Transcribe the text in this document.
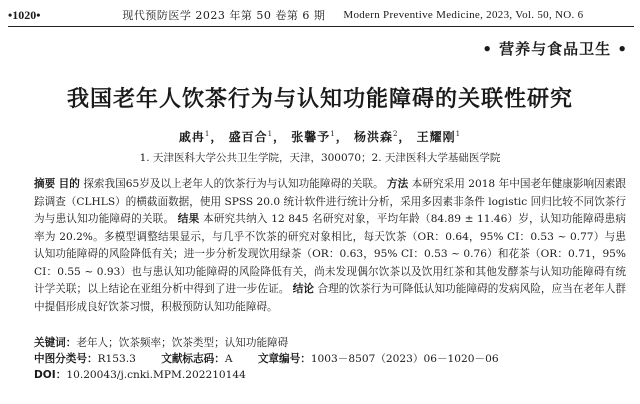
•1020•	现代预防医学 2023 年第 50 卷第 6 期 Modern Preventive Medicine, 2023, Vol. 50, NO. 6
• 营养与食品卫生 •
我国老年人饮茶行为与认知功能障碍的关联性研究
戚冉$^1$， 盛百合$^1$， 张馨予$^1$， 杨洪森$^2$， 王耀刚$^1$
1. 天津医科大学公共卫生学院，天津，300070；2. 天津医科大学基础医学院
摘要 目的 探索我国65岁及以上老年人的饮茶行为与认知功能障碍的关联。 方法 本研究采用 2018 年中国老年健康影响因素跟踪调查（CLHLS）的横截面数据，使用 SPSS 20.0 统计软件进行统计分析，采用多因素非条件 logistic 回归比较不同饮茶行为与患认知功能障碍的关联。 结果 本研究共纳入 12 845 名研究对象，平均年龄（84.89 ± 11.46）岁，认知功能障碍患病率为 20.2%。多模型调整结果显示，与几乎不饮茶的研究对象相比，每天饮茶（OR：0.64，95% CI：0.53 ~ 0.77）与患认知功能障碍的风险降低有关；进一步分析发现饮用绿茶（OR：0.63，95% CI：0.53 ~ 0.76）和花茶（OR：0.71，95% CI：0.55 ~ 0.93）也与患认知功能障碍的风险降低有关，尚未发现偶尔饮茶以及饮用红茶和其他发酵茶与认知功能障碍有统计学关联；以上结论在亚组分析中得到了进一步佐证。 结论 合理的饮茶行为可降低认知功能障碍的发病风险，应当在老年人群中提倡形成良好饮茶习惯，积极预防认知功能障碍。
关键词：老年人；饮茶频率；饮茶类型；认知功能障碍
中图分类号：R153.3 文献标志码：A 文章编号：1003－8507（2023）06－1020－06
DOI：10.20043/j.cnki.MPM.202210144
